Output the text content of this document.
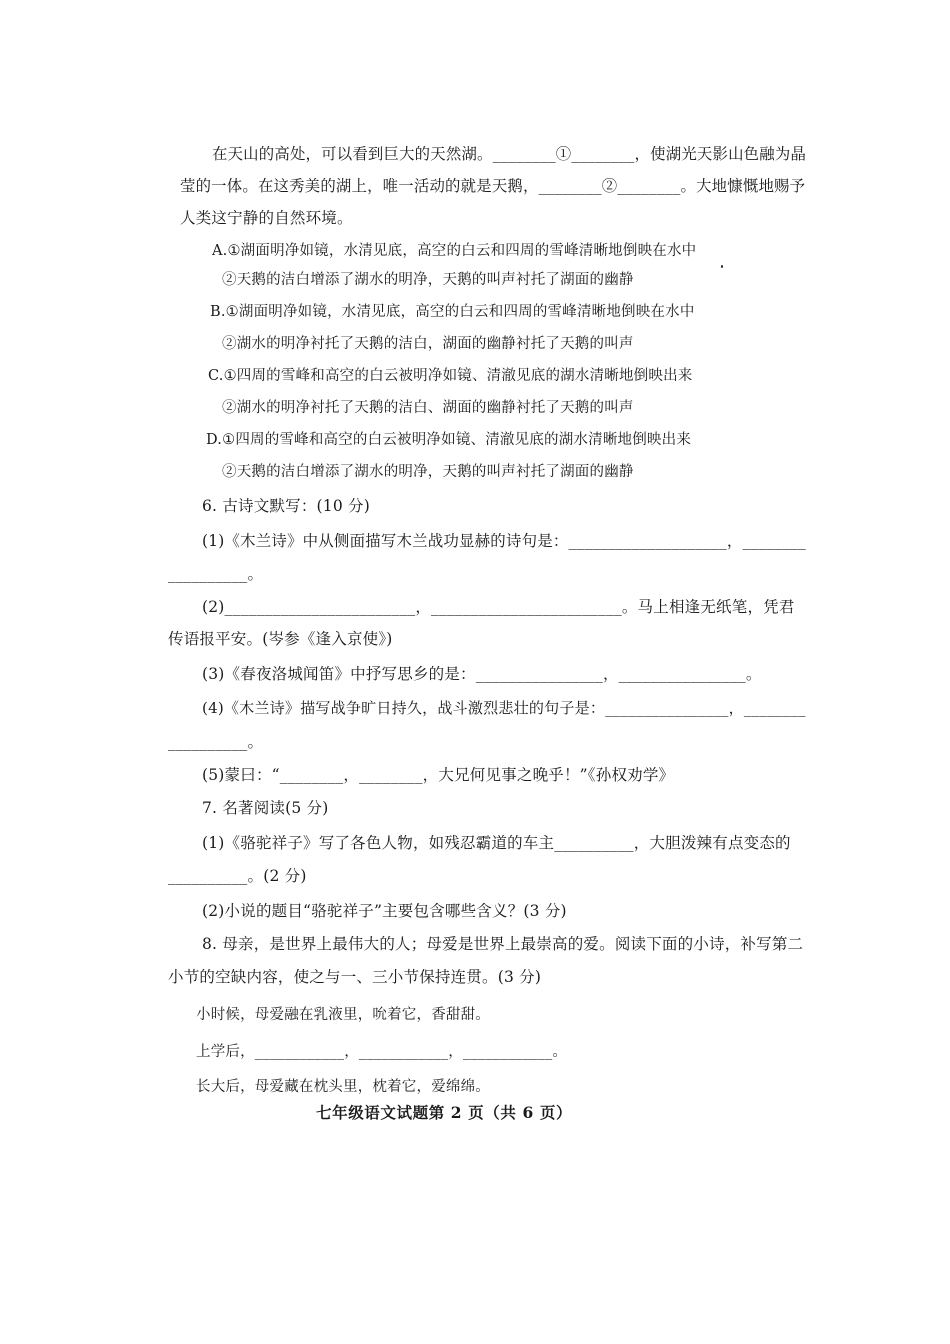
在天山的高处，可以看到巨大的天然湖。________①________，使湖光天影山色融为晶
莹的一体。在这秀美的湖上，唯一活动的就是天鹅，________②________。大地慷慨地赐予
人类这宁静的自然环境。
A.①湖面明净如镜，水清见底，高空的白云和四周的雪峰清晰地倒映在水中
②天鹅的洁白增添了湖水的明净，天鹅的叫声衬托了湖面的幽静
B.①湖面明净如镜，水清见底，高空的白云和四周的雪峰清晰地倒映在水中
②湖水的明净衬托了天鹅的洁白，湖面的幽静衬托了天鹅的叫声
C.①四周的雪峰和高空的白云被明净如镜、清澈见底的湖水清晰地倒映出来
②湖水的明净衬托了天鹅的洁白、湖面的幽静衬托了天鹅的叫声
D.①四周的雪峰和高空的白云被明净如镜、清澈见底的湖水清晰地倒映出来
②天鹅的洁白增添了湖水的明净，天鹅的叫声衬托了湖面的幽静
6. 古诗文默写：(10 分)
(1)《木兰诗》中从侧面描写木兰战功显赫的诗句是：____________________，________
__________。
(2)________________________，________________________。马上相逢无纸笔，凭君
传语报平安。(岑参《逢入京使》)
(3)《春夜洛城闻笛》中抒写思乡的是：________________，________________。
(4)《木兰诗》描写战争旷日持久，战斗激烈悲壮的句子是：________________，________
__________。
(5)蒙曰：“________，________，大兄何见事之晚乎！”《孙权劝学》
7. 名著阅读(5 分)
(1)《骆驼祥子》写了各色人物，如残忍霸道的车主__________，大胆泼辣有点变态的
__________。(2 分)
(2)小说的题目“骆驼祥子”主要包含哪些含义？(3 分)
8. 母亲，是世界上最伟大的人；母爱是世界上最崇高的爱。阅读下面的小诗，补写第二
小节的空缺内容，使之与一、三小节保持连贯。(3 分)
小时候，母爱融在乳液里，吮着它，香甜甜。
上学后，____________，____________，____________。
长大后，母爱藏在枕头里，枕着它，爱绵绵。
七年级语文试题第 2 页（共 6 页）
